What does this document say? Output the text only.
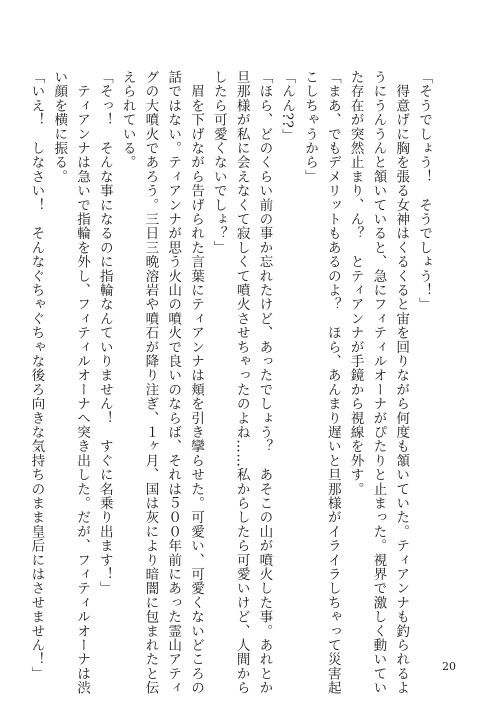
「そうでしょう！　そうでしょう！」
　得意げに胸を張る女神はくるくると宙を回りながら何度も頷いていた。ティアンナも釣られるよ
うにうんうんと頷いていると、急にフィティルオーナがぴたりと止まった。視界で激しく動いてい
た存在が突然止まり、ん？　とティアンナが手鏡から視線を外す。
「まあ、でもデメリットもあるのよ？　ほら、あんまり遅いと旦那様がイライラしちゃって災害起
こしちゃうから」
「んん??」
「ほら、どのくらい前の事か忘れたけど、あったでしょう？　あそこの山が噴火した事。あれとか
旦那様が私に会えなくて寂しくて噴火させちゃったのよね……私からしたら可愛いけど、人間から
したら可愛くないでしょ？」
　眉を下げながら告げられた言葉にティアンナは頬を引き攣らせた。可愛い、可愛くないどころの
話ではない。ティアンナが思う火山の噴火で良いのならば、それは５００年前にあった霊山アティ
グの大噴火であろう。三日三晩溶岩や噴石が降り注ぎ、１ヶ月、国は灰により暗闇に包まれたと伝
えられている。
「そっ！　そんな事になるのに指輪なんていりません！　すぐに名乗り出ます！」
　ティアンナは急いで指輪を外し、フィティルオーナへ突き出した。だが、フィティルオーナは渋
い顔を横に振る。
「いえ！　しなさい！　そんなぐちゃぐちゃな後ろ向きな気持ちのまま皇后にはさせません！」	20
